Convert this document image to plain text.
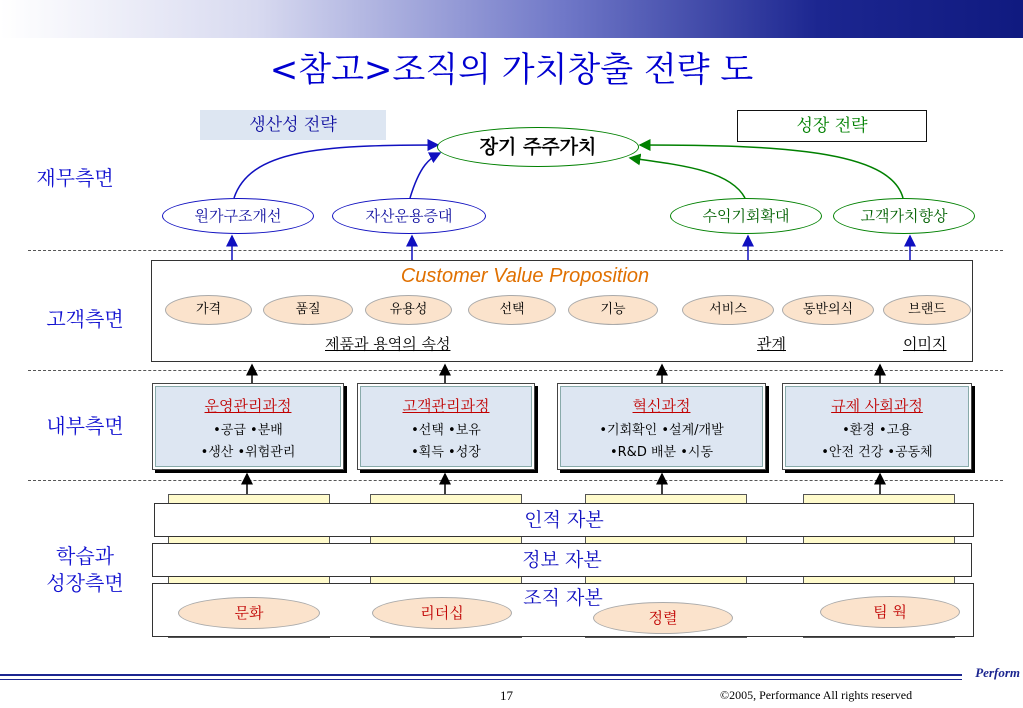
<참고>조직의 가치창출 전략 도
생산성 전략	성장 전략
장기 주주가치
재무측면
고객측면
내부측면
학습과
성장측면
원가구조개선	자산운용증대	수익기회확대	고객가치향상
Customer Value Proposition
가격	품질	유용성	선택	기능	서비스	동반의식	브랜드
제품과 용역의 속성	관계	이미지
운영관리과정
•공급 •분배
•생산 •위험관리
고객관리과정
•선택 •보유
•획득 •성장
혁신과정
•기회확인 •설계/개발
•R&D 배분 •시동
규제 사회과정
•환경 •고용
•안전 건강 •공동체
인적 자본
정보 자본
조직 자본
문화	리더십	정렬	팀 웍
Perform
17	©2005, Performance All rights reserved
